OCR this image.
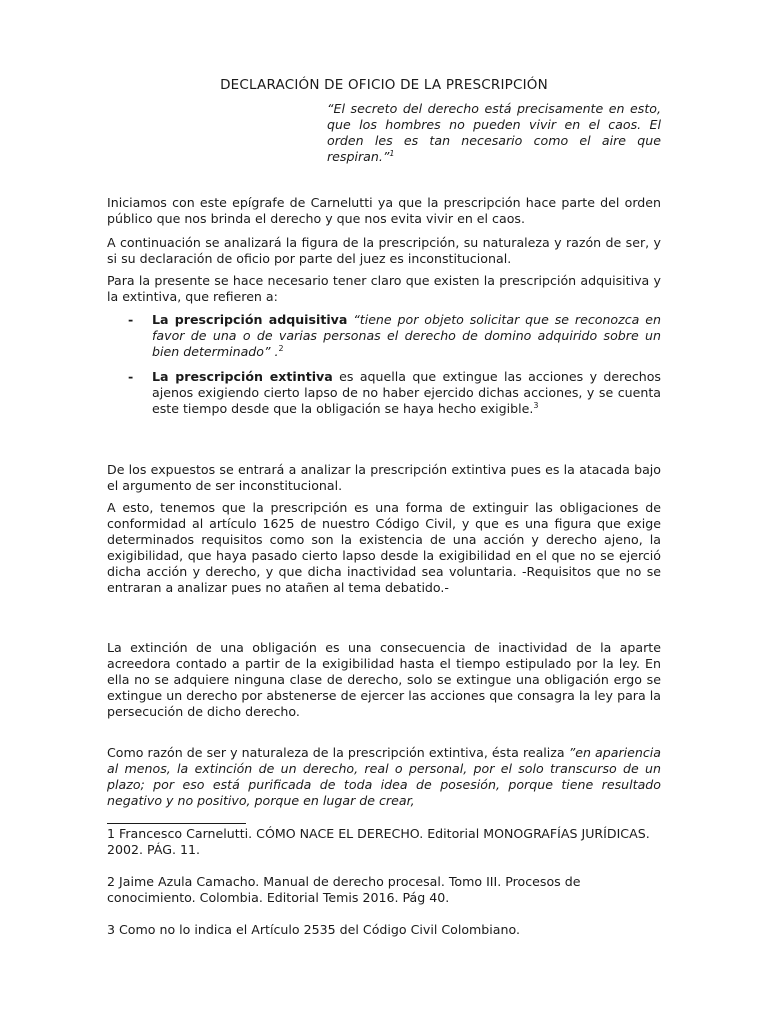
DECLARACIÓN DE OFICIO DE LA PRESCRIPCIÓN
“El secreto del derecho está precisamente en esto, que los hombres no pueden vivir en el caos. El orden les es tan necesario como el aire que respiran.”$^1$

Iniciamos con este epígrafe de Carnelutti ya que la prescripción hace parte del orden público que nos brinda el derecho y que nos evita vivir en el caos.

A continuación se analizará la figura de la prescripción, su naturaleza y razón de ser, y si su declaración de oficio por parte del juez es inconstitucional.

Para la presente se hace necesario tener claro que existen la prescripción adquisitiva y la extintiva, que refieren a:

- La prescripción adquisitiva “tiene por objeto solicitar que se reconozca en favor de una o de varias personas el derecho de domino adquirido sobre un bien determinado” .$^2$
- La prescripción extintiva es aquella que extingue las acciones y derechos ajenos exigiendo cierto lapso de no haber ejercido dichas acciones, y se cuenta este tiempo desde que la obligación se haya hecho exigible.$^3$

De los expuestos se entrará a analizar la prescripción extintiva pues es la atacada bajo el argumento de ser inconstitucional.

A esto, tenemos que la prescripción es una forma de extinguir las obligaciones de conformidad al artículo 1625 de nuestro Código Civil, y que es una figura que exige determinados requisitos como son la existencia de una acción y derecho ajeno, la exigibilidad, que haya pasado cierto lapso desde la exigibilidad en el que no se ejerció dicha acción y derecho, y que dicha inactividad sea voluntaria. -Requisitos que no se entraran a analizar pues no atañen al tema debatido.-

La extinción de una obligación es una consecuencia de inactividad de la aparte acreedora contado a partir de la exigibilidad hasta el tiempo estipulado por la ley. En ella no se adquiere ninguna clase de derecho, solo se extingue una obligación ergo se extingue un derecho por abstenerse de ejercer las acciones que consagra la ley para la persecución de dicho derecho.

Como razón de ser y naturaleza de la prescripción extintiva, ésta realiza ”en apariencia al menos, la extinción de un derecho, real o personal, por el solo transcurso de un plazo; por eso está purificada de toda idea de posesión, porque tiene resultado negativo y no positivo, porque en lugar de crear,

1 Francesco Carnelutti. CÓMO NACE EL DERECHO. Editorial MONOGRAFÍAS JURÍDICAS. 2002. PÁG. 11.
2 Jaime Azula Camacho. Manual de derecho procesal. Tomo III. Procesos de conocimiento. Colombia. Editorial Temis 2016. Pág 40.
3 Como no lo indica el Artículo 2535 del Código Civil Colombiano.
